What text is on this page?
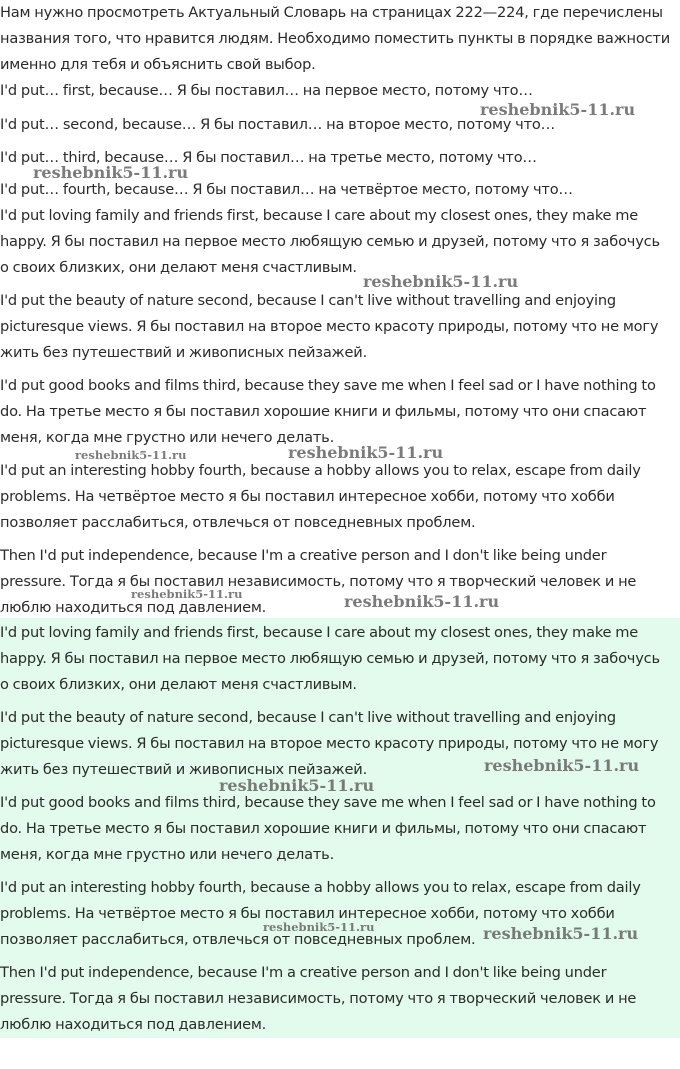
Нам нужно просмотреть Актуальный Словарь на страницах 222—224, где перечислены
названия того, что нравится людям. Необходимо поместить пункты в порядке важности
именно для тебя и объяснить свой выбор.

I'd put… first, because… Я бы поставил… на первое место, потому что…

I'd put… second, because… Я бы поставил… на второе место, потому что…

I'd put… third, because… Я бы поставил… на третье место, потому что…

I'd put… fourth, because… Я бы поставил… на четвёртое место, потому что…

I'd put loving family and friends first, because I care about my closest ones, they make me
happy. Я бы поставил на первое место любящую семью и друзей, потому что я забочусь
о своих близких, они делают меня счастливым.

I'd put the beauty of nature second, because I can't live without travelling and enjoying
picturesque views. Я бы поставил на второе место красоту природы, потому что не могу
жить без путешествий и живописных пейзажей.

I'd put good books and films third, because they save me when I feel sad or I have nothing to
do. На третье место я бы поставил хорошие книги и фильмы, потому что они спасают
меня, когда мне грустно или нечего делать.

I'd put an interesting hobby fourth, because a hobby allows you to relax, escape from daily
problems. На четвёртое место я бы поставил интересное хобби, потому что хобби
позволяет расслабиться, отвлечься от повседневных проблем.

Then I'd put independence, because I'm a creative person and I don't like being under
pressure. Тогда я бы поставил независимость, потому что я творческий человек и не
люблю находиться под давлением.

I'd put loving family and friends first, because I care about my closest ones, they make me
happy. Я бы поставил на первое место любящую семью и друзей, потому что я забочусь
о своих близких, они делают меня счастливым.

I'd put the beauty of nature second, because I can't live without travelling and enjoying
picturesque views. Я бы поставил на второе место красоту природы, потому что не могу
жить без путешествий и живописных пейзажей.

I'd put good books and films third, because they save me when I feel sad or I have nothing to
do. На третье место я бы поставил хорошие книги и фильмы, потому что они спасают
меня, когда мне грустно или нечего делать.

I'd put an interesting hobby fourth, because a hobby allows you to relax, escape from daily
problems. На четвёртое место я бы поставил интересное хобби, потому что хобби
позволяет расслабиться, отвлечься от повседневных проблем.

Then I'd put independence, because I'm a creative person and I don't like being under
pressure. Тогда я бы поставил независимость, потому что я творческий человек и не
люблю находиться под давлением.

reshebnik5-11.ru
reshebnik5-11.ru
reshebnik5-11.ru
reshebnik5-11.ru	reshebnik5-11.ru
reshebnik5-11.ru	reshebnik5-11.ru
reshebnik5-11.ru
reshebnik5-11.ru
reshebnik5-11.ru	reshebnik5-11.ru
